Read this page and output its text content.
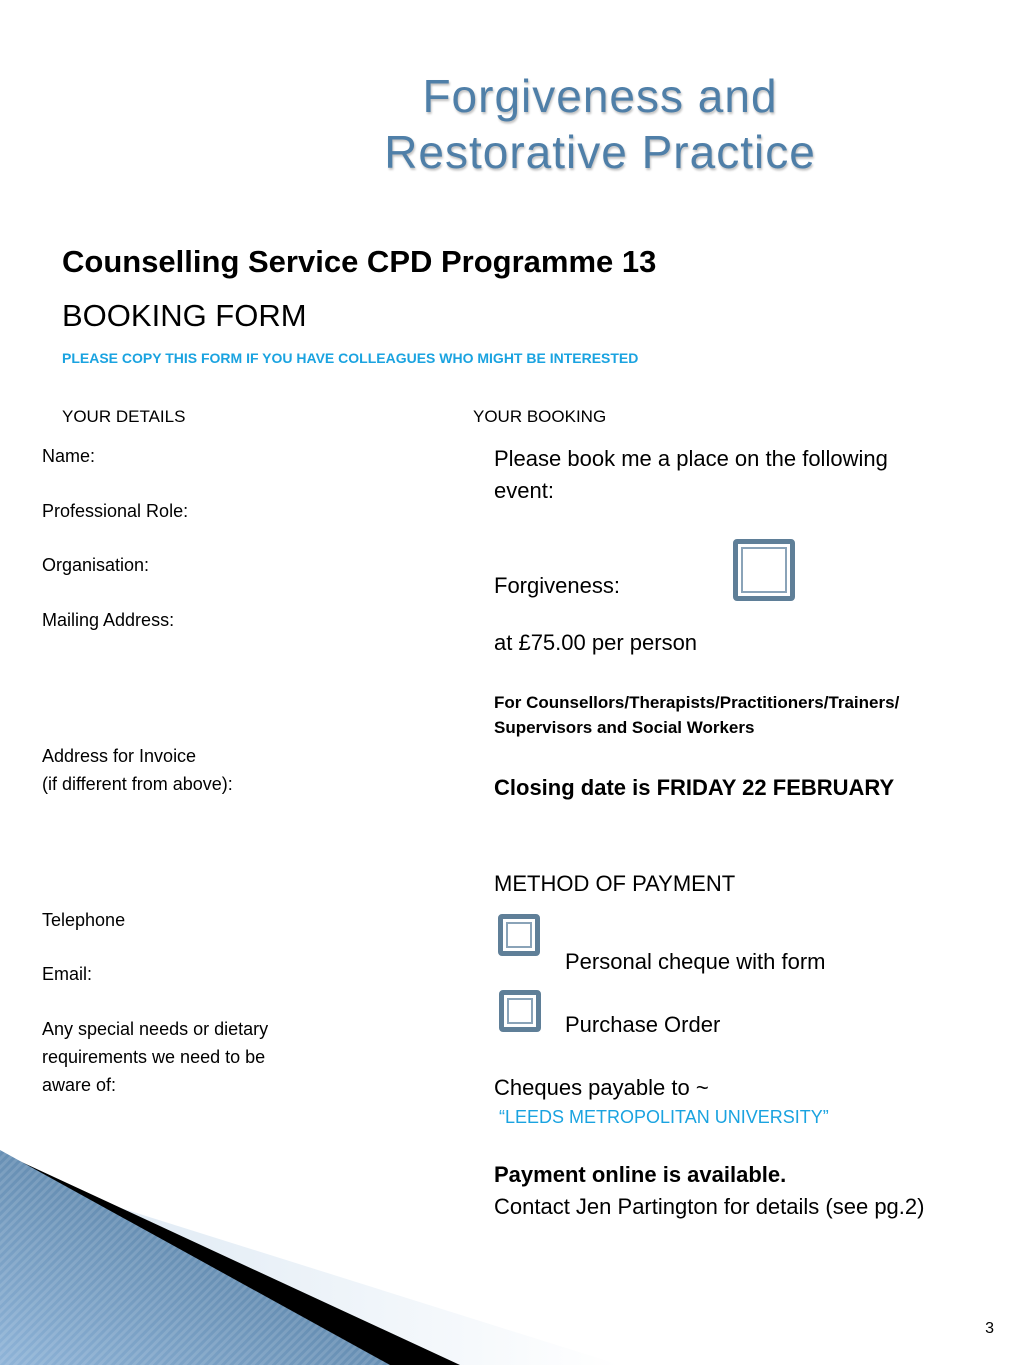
Forgiveness and
Restorative Practice
Counselling Service CPD Programme 13
BOOKING FORM
PLEASE COPY THIS FORM IF YOU HAVE COLLEAGUES WHO MIGHT BE INTERESTED
YOUR DETAILS	YOUR BOOKING
Name:
Professional Role:
Organisation:
Mailing Address:
Address for Invoice
(if different from above):
Telephone
Email:
Any special needs or dietary
requirements we need to be
aware of:
Please book me a place on the following
event:
Forgiveness:
at £75.00 per person
For Counsellors/Therapists/Practitioners/Trainers/
Supervisors and Social Workers
Closing date is FRIDAY 22 FEBRUARY
METHOD OF PAYMENT
Personal cheque with form
Purchase Order
Cheques payable to ~
“LEEDS METROPOLITAN UNIVERSITY”
Payment online is available.
Contact Jen Partington for details (see pg.2)
3
